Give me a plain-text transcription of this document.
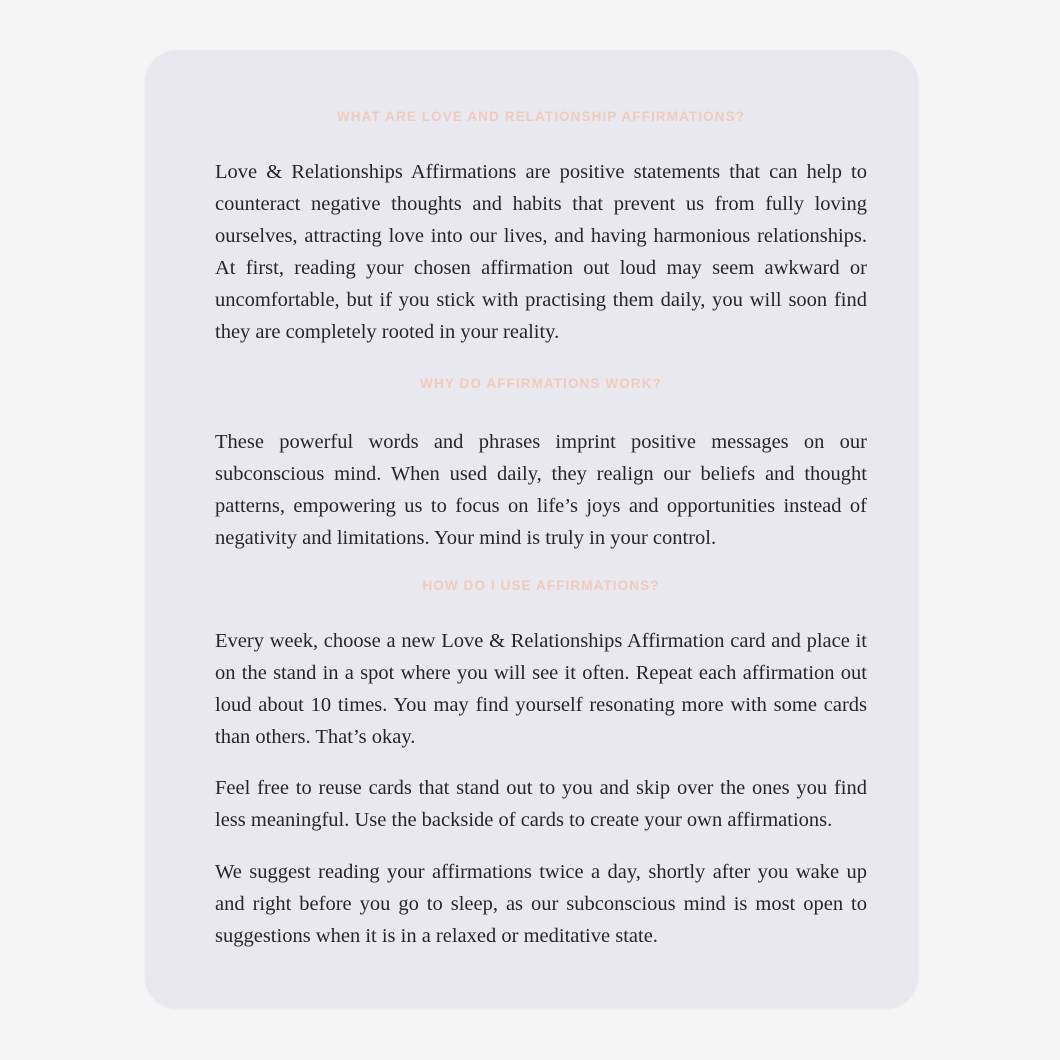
WHAT ARE LOVE AND RELATIONSHIP AFFIRMATIONS?

Love & Relationships Affirmations are positive statements that can help to counteract negative thoughts and habits that prevent us from fully loving ourselves, attracting love into our lives, and having harmonious relationships. At first, reading your chosen affirmation out loud may seem awkward or uncomfortable, but if you stick with practising them daily, you will soon find they are completely rooted in your reality.

WHY DO AFFIRMATIONS WORK?

These powerful words and phrases imprint positive messages on our subconscious mind. When used daily, they realign our beliefs and thought patterns, empowering us to focus on life’s joys and opportunities instead of negativity and limitations. Your mind is truly in your control.

HOW DO I USE AFFIRMATIONS?

Every week, choose a new Love & Relationships Affirmation card and place it on the stand in a spot where you will see it often. Repeat each affirmation out loud about 10 times. You may find yourself resonating more with some cards than others. That’s okay.

Feel free to reuse cards that stand out to you and skip over the ones you find less meaningful. Use the backside of cards to create your own affirmations.

We suggest reading your affirmations twice a day, shortly after you wake up and right before you go to sleep, as our subconscious mind is most open to suggestions when it is in a relaxed or meditative state.
